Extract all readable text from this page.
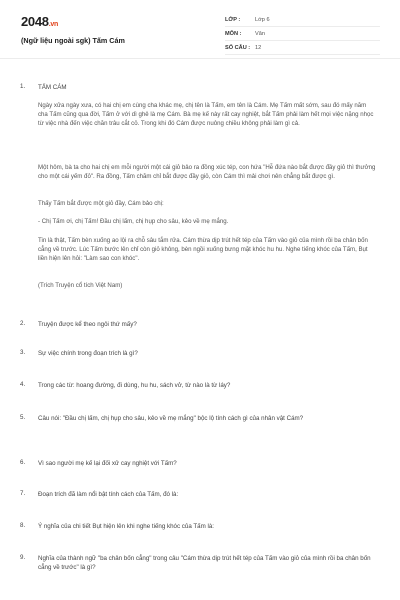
2048.vn
(Ngữ liệu ngoài sgk) Tấm Cám
LỚP :	Lớp 6
MÔN : Văn
SỐ CÂU : 12
1. TẤM CÁM
Ngày xửa ngày xưa, có hai chị em cùng cha khác mẹ, chị tên là Tấm, em tên là Cám. Mẹ Tấm mất sớm, sau đó mấy năm cha Tấm cũng qua đời, Tấm ở với dì ghẻ là mẹ Cám. Bà mẹ kế này rất cay nghiệt, bắt Tấm phải làm hết mọi việc nặng nhọc từ việc nhà đến việc chăn trâu cắt cỏ. Trong khi đó Cám được nuông chiều không phải làm gì cả.
Một hôm, bà ta cho hai chị em mỗi người một cái giỏ bảo ra đồng xúc tép, con hứa "Hễ đứa nào bắt được đầy giỏ thì thưởng cho một cái yếm đỏ". Ra đồng, Tấm chăm chỉ bắt được đầy giỏ, còn Cám thì mải chơi nên chẳng bắt được gì.
Thấy Tấm bắt được một giỏ đầy, Cám bảo chị:
- Chị Tấm ơi, chị Tấm! Đầu chị lấm, chị hụp cho sâu, kẻo về mẹ mắng.
Tin là thật, Tấm bèn xuống ao lội ra chỗ sâu tắm rửa. Cám thừa dịp trút hết tép của Tấm vào giỏ của mình rồi ba chân bốn cẳng về trước. Lúc Tấm bước lên chỉ còn giỏ không, bèn ngồi xuống bưng mặt khóc hu hu. Nghe tiếng khóc của Tấm, Bụt liền hiện lên hỏi: "Làm sao con khóc".
(Trích Truyện cổ tích Việt Nam)
2. Truyện được kể theo ngôi thứ mấy?
3. Sự việc chính trong đoạn trích là gì?
4. Trong các từ: hoang đường, đi dùng, hu hu, sách vở, từ nào là từ láy?
5. Câu nói: "Đầu chị lấm, chị hụp cho sâu, kẻo về mẹ mắng" bộc lộ tính cách gì của nhân vật Cám?
6. Vì sao người mẹ kế lại đối xử cay nghiệt với Tấm?
7. Đoạn trích đã làm nổi bật tính cách của Tấm, đó là:
8. Ý nghĩa của chi tiết Bụt hiện lên khi nghe tiếng khóc của Tấm là:
9. Nghĩa của thành ngữ "ba chân bốn cẳng" trong câu "Cám thừa dịp trút hết tép của Tấm vào giỏ của mình rồi ba chân bốn cẳng về trước" là gì?
